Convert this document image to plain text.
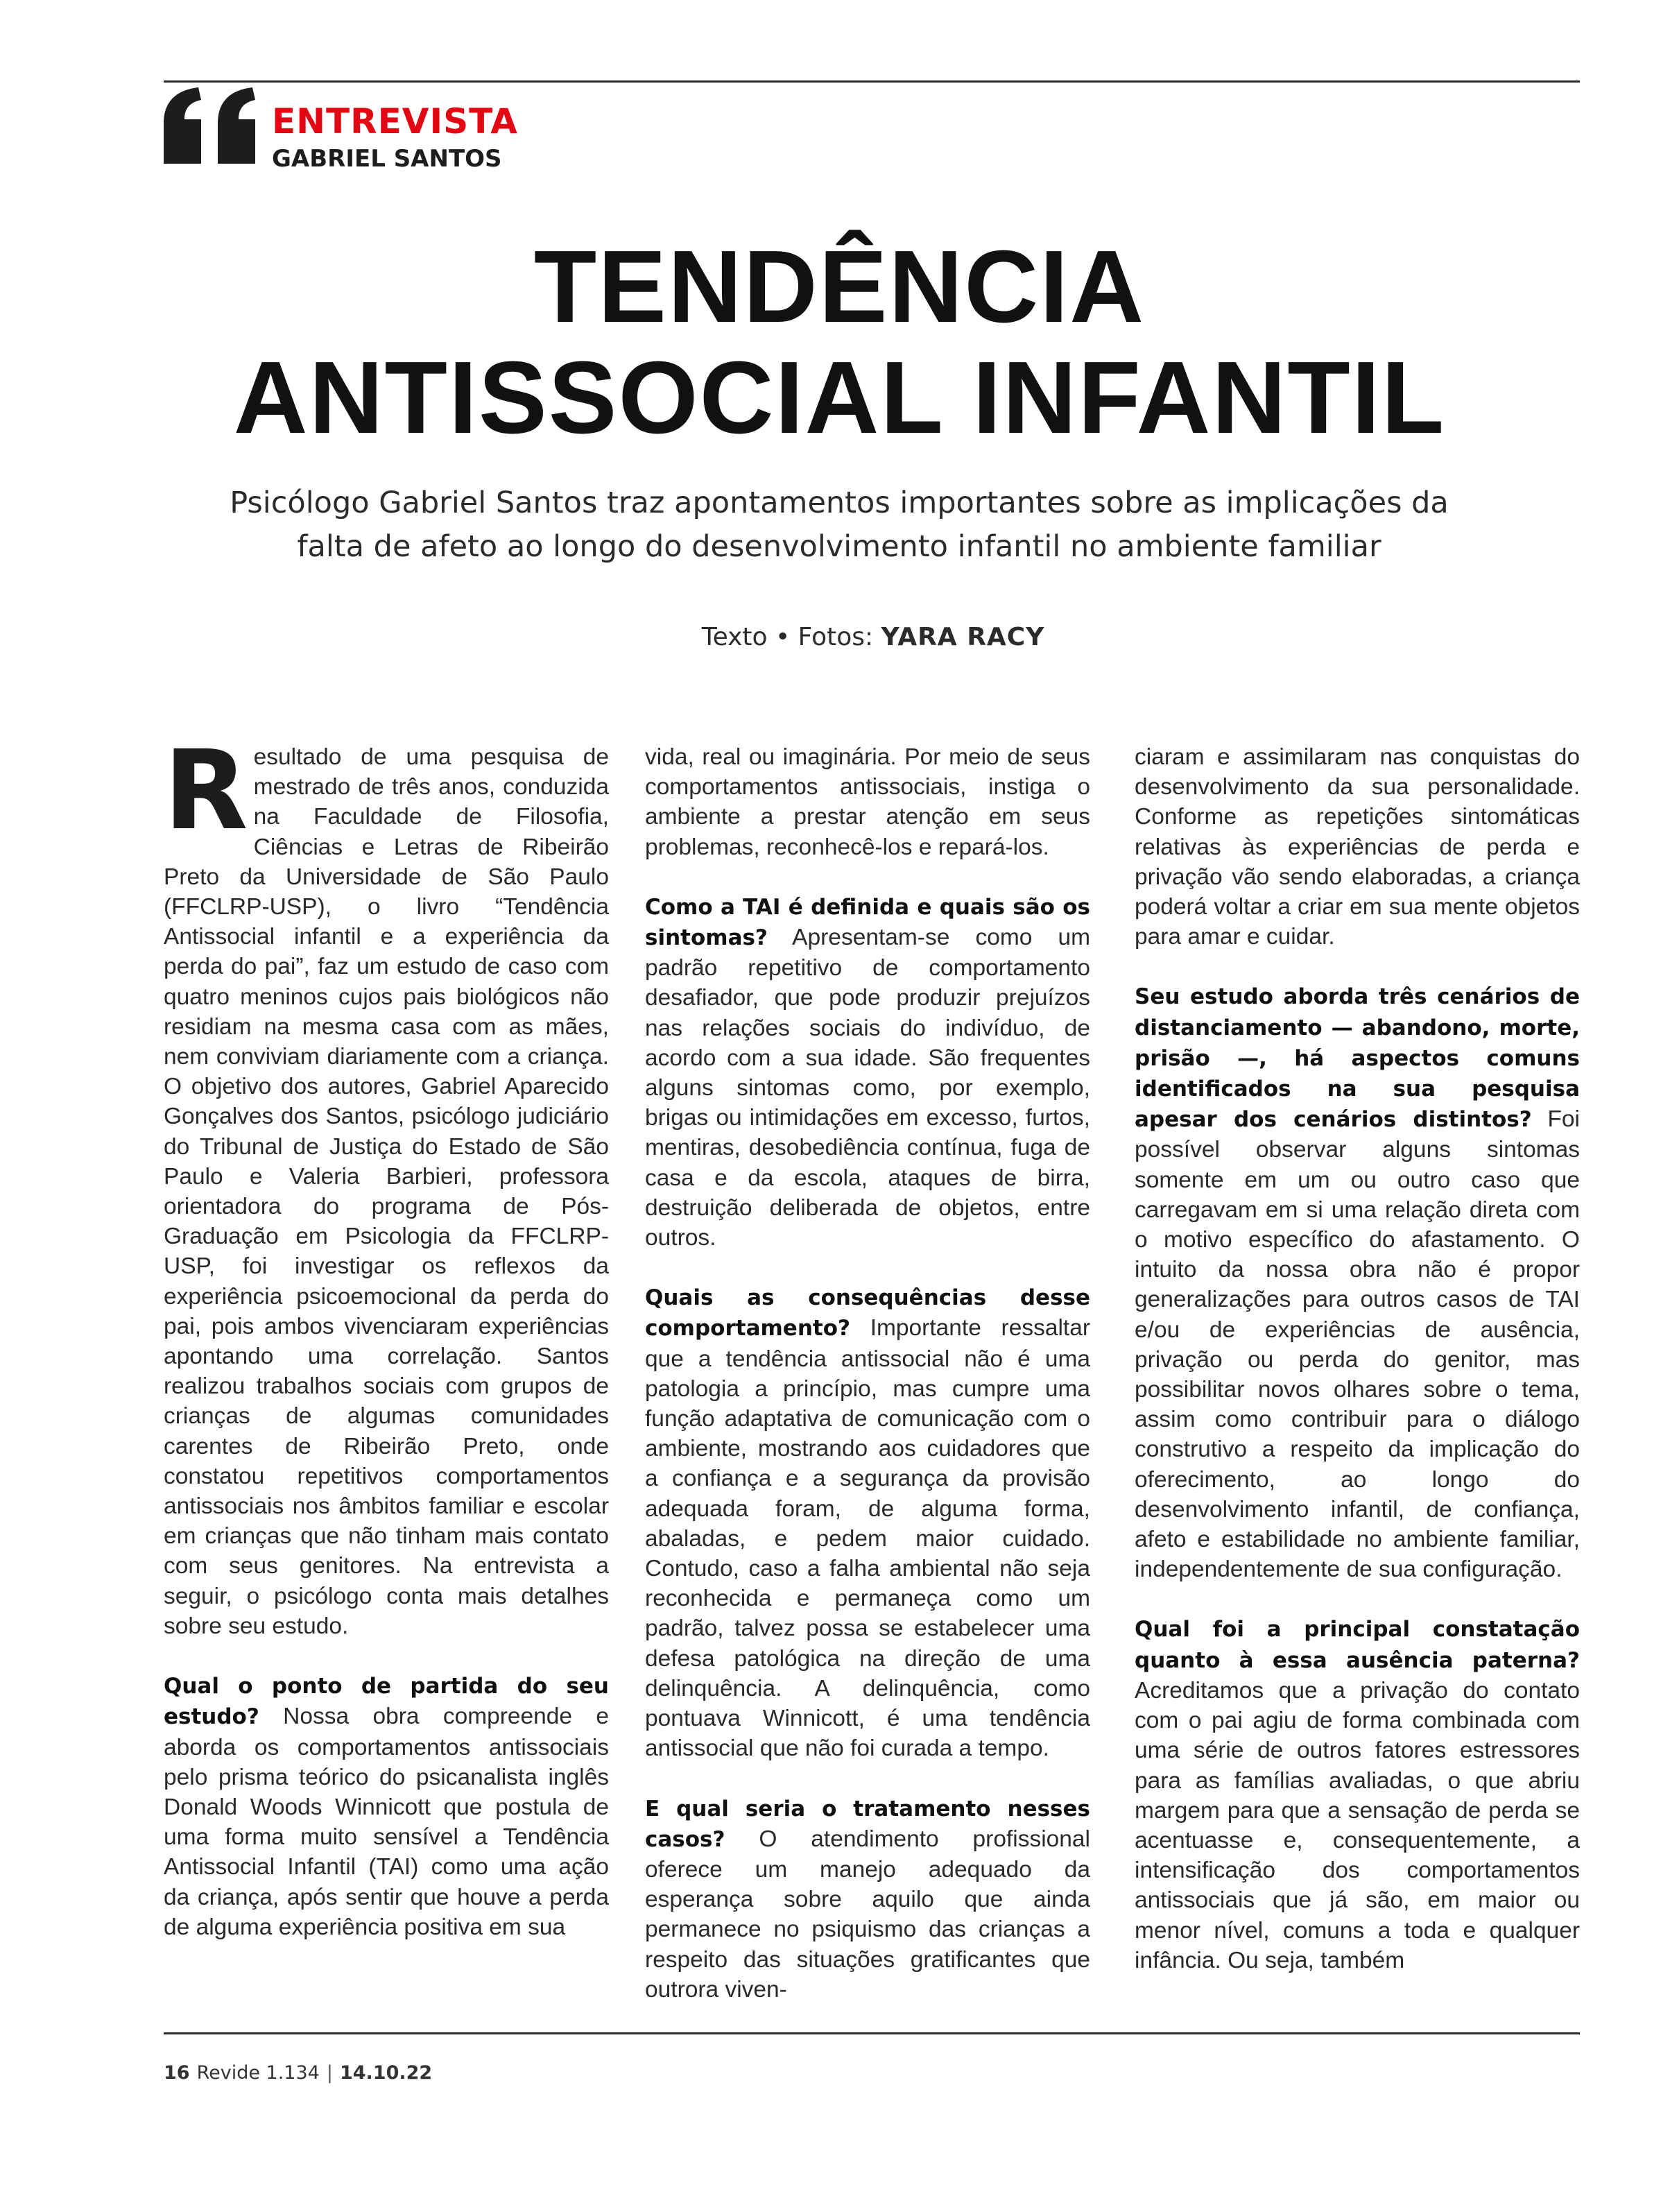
ENTREVISTA
GABRIEL SANTOS
TENDÊNCIA
ANTISSOCIAL INFANTIL
Psicólogo Gabriel Santos traz apontamentos importantes sobre as implicações da falta de afeto ao longo do desenvolvimento infantil no ambiente familiar
Texto • Fotos: YARA RACY

Resultado de uma pesquisa de mestrado de três anos, conduzida na Faculdade de Filosofia, Ciências e Letras de Ribeirão Preto da Universidade de São Paulo (FFCLRP-USP), o livro “Tendência Antissocial infantil e a experiência da perda do pai”, faz um estudo de caso com quatro meninos cujos pais biológicos não residiam na mesma casa com as mães, nem conviviam diariamente com a criança. O objetivo dos autores, Gabriel Aparecido Gonçalves dos Santos, psicólogo judiciário do Tribunal de Justiça do Estado de São Paulo e Valeria Barbieri, professora orientadora do programa de Pós-Graduação em Psicologia da FFCLRP-USP, foi investigar os reflexos da experiência psicoemocional da perda do pai, pois ambos vivenciaram experiências apontando uma correlação. Santos realizou trabalhos sociais com grupos de crianças de algumas comunidades carentes de Ribeirão Preto, onde constatou repetitivos comportamentos antissociais nos âmbitos familiar e escolar em crianças que não tinham mais contato com seus genitores. Na entrevista a seguir, o psicólogo conta mais detalhes sobre seu estudo.

Qual o ponto de partida do seu estudo? Nossa obra compreende e aborda os comportamentos antissociais pelo prisma teórico do psicanalista inglês Donald Woods Winnicott que postula de uma forma muito sensível a Tendência Antissocial Infantil (TAI) como uma ação da criança, após sentir que houve a perda de alguma experiência positiva em sua

vida, real ou imaginária. Por meio de seus comportamentos antissociais, instiga o ambiente a prestar atenção em seus problemas, reconhecê-los e repará-los.

Como a TAI é definida e quais são os sintomas? Apresentam-se como um padrão repetitivo de comportamento desafiador, que pode produzir prejuízos nas relações sociais do indivíduo, de acordo com a sua idade. São frequentes alguns sintomas como, por exemplo, brigas ou intimidações em excesso, furtos, mentiras, desobediência contínua, fuga de casa e da escola, ataques de birra, destruição deliberada de objetos, entre outros.

Quais as consequências desse comportamento? Importante ressaltar que a tendência antissocial não é uma patologia a princípio, mas cumpre uma função adaptativa de comunicação com o ambiente, mostrando aos cuidadores que a confiança e a segurança da provisão adequada foram, de alguma forma, abaladas, e pedem maior cuidado. Contudo, caso a falha ambiental não seja reconhecida e permaneça como um padrão, talvez possa se estabelecer uma defesa patológica na direção de uma delinquência. A delinquência, como pontuava Winnicott, é uma tendência antissocial que não foi curada a tempo.

E qual seria o tratamento nesses casos? O atendimento profissional oferece um manejo adequado da esperança sobre aquilo que ainda permanece no psiquismo das crianças a respeito das situações gratificantes que outrora viven-

ciaram e assimilaram nas conquistas do desenvolvimento da sua personalidade. Conforme as repetições sintomáticas relativas às experiências de perda e privação vão sendo elaboradas, a criança poderá voltar a criar em sua mente objetos para amar e cuidar.

Seu estudo aborda três cenários de distanciamento — abandono, morte, prisão —, há aspectos comuns identificados na sua pesquisa apesar dos cenários distintos? Foi possível observar alguns sintomas somente em um ou outro caso que carregavam em si uma relação direta com o motivo específico do afastamento. O intuito da nossa obra não é propor generalizações para outros casos de TAI e/ou de experiências de ausência, privação ou perda do genitor, mas possibilitar novos olhares sobre o tema, assim como contribuir para o diálogo construtivo a respeito da implicação do oferecimento, ao longo do desenvolvimento infantil, de confiança, afeto e estabilidade no ambiente familiar, independentemente de sua configuração.

Qual foi a principal constatação quanto à essa ausência paterna? Acreditamos que a privação do contato com o pai agiu de forma combinada com uma série de outros fatores estressores para as famílias avaliadas, o que abriu margem para que a sensação de perda se acentuasse e, consequentemente, a intensificação dos comportamentos antissociais que já são, em maior ou menor nível, comuns a toda e qualquer infância. Ou seja, também

16 Revide 1.134 | 14.10.22
